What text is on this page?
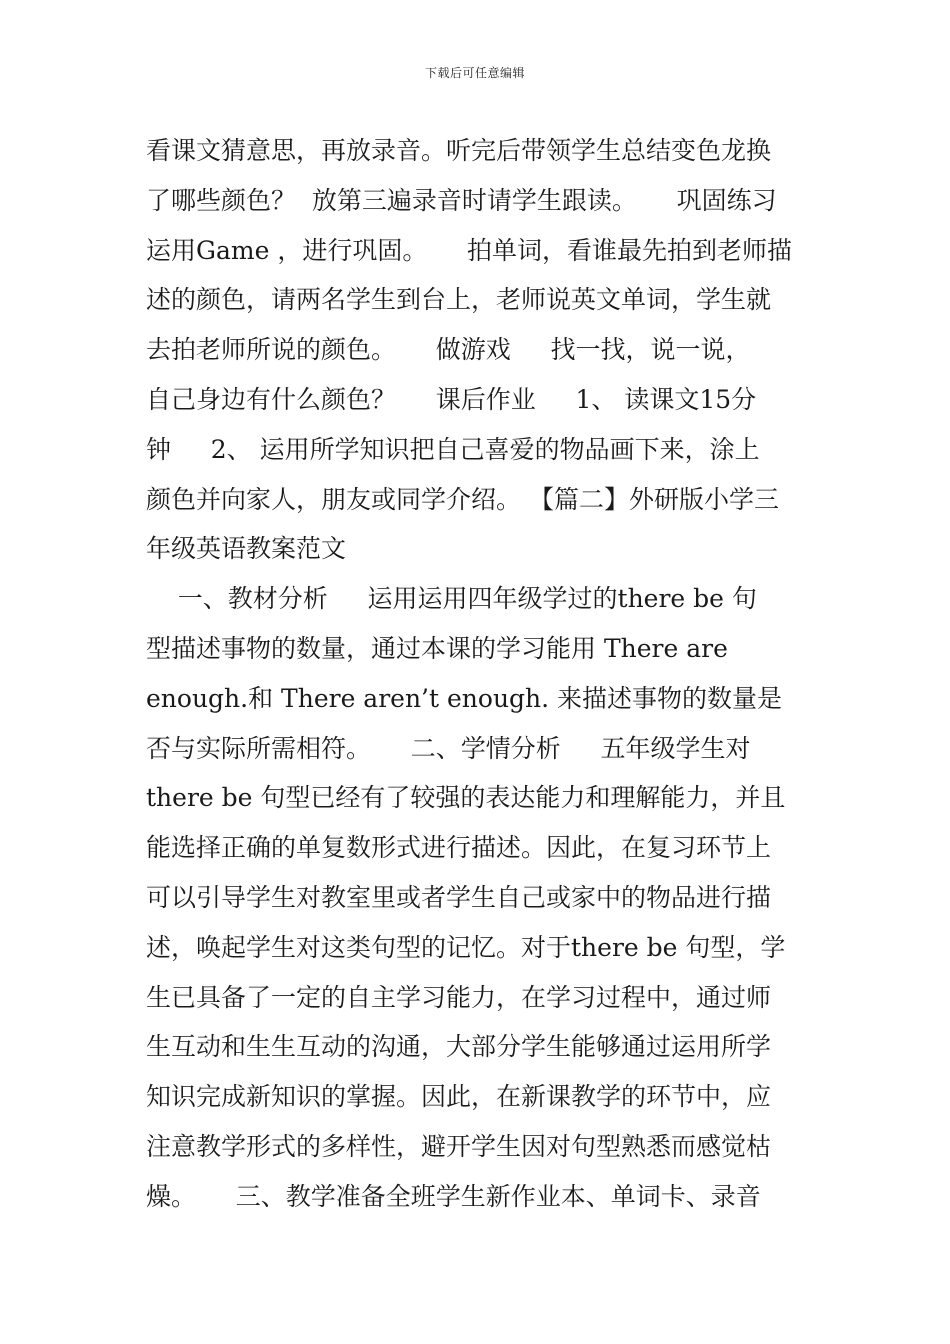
下载后可任意编辑
看课文猜意思，再放录音。听完后带领学生总结变色龙换
了哪些颜色？  放第三遍录音时请学生跟读。     巩固练习
运用Game ，进行巩固。     拍单词，看谁最先拍到老师描
述的颜色，请两名学生到台上，老师说英文单词，学生就
去拍老师所说的颜色。     做游戏     找一找，说一说，
自己身边有什么颜色？     课后作业     1、 读课文15分
钟     2、 运用所学知识把自己喜爱的物品画下来，涂上
颜色并向家人，朋友或同学介绍。 【篇二】外研版小学三
年级英语教案范文
一、教材分析     运用运用四年级学过的there be 句
型描述事物的数量，通过本课的学习能用 There are
enough.和 There aren’t enough. 来描述事物的数量是
否与实际所需相符。     二、学情分析     五年级学生对
there be 句型已经有了较强的表达能力和理解能力，并且
能选择正确的单复数形式进行描述。因此，在复习环节上
可以引导学生对教室里或者学生自己或家中的物品进行描
述，唤起学生对这类句型的记忆。对于there be 句型，学
生已具备了一定的自主学习能力，在学习过程中，通过师
生互动和生生互动的沟通，大部分学生能够通过运用所学
知识完成新知识的掌握。因此，在新课教学的环节中，应
注意教学形式的多样性，避开学生因对句型熟悉而感觉枯
燥。     三、教学准备全班学生新作业本、单词卡、录音
